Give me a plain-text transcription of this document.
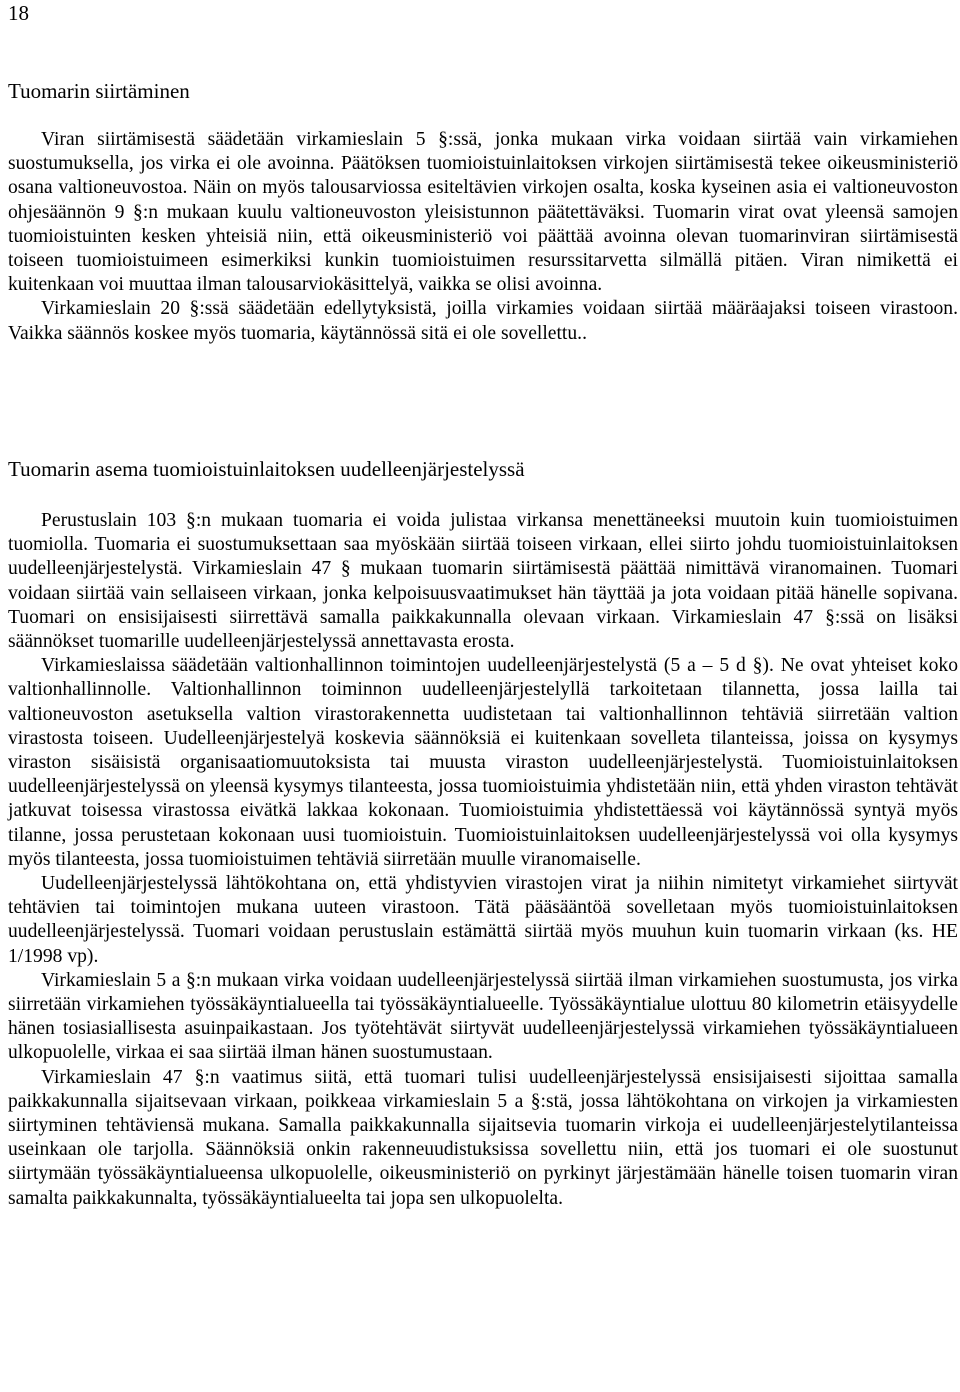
18
Tuomarin siirtäminen

Viran siirtämisestä säädetään virkamieslain 5 §:ssä, jonka mukaan virka voidaan siirtää vain virkamiehen suostumuksella, jos virka ei ole avoinna. Päätöksen tuomioistuinlaitoksen virkojen siirtämisestä tekee oikeusministeriö osana valtioneuvostoa. Näin on myös talousarviossa esiteltävien virkojen osalta, koska kyseinen asia ei valtioneuvoston ohjesäännön 9 §:n mukaan kuulu valtioneuvoston yleisistunnon päätettäväksi. Tuomarin virat ovat yleensä samojen tuomioistuinten kesken yhteisiä niin, että oikeusministeriö voi päättää avoinna olevan tuomarinviran siirtämisestä toiseen tuomioistuimeen esimerkiksi kunkin tuomioistuimen resurssitarvetta silmällä pitäen. Viran nimikettä ei kuitenkaan voi muuttaa ilman talousarviokäsittelyä, vaikka se olisi avoinna.

Virkamieslain 20 §:ssä säädetään edellytyksistä, joilla virkamies voidaan siirtää määräajaksi toiseen virastoon. Vaikka säännös koskee myös tuomaria, käytännössä sitä ei ole sovellettu..

Tuomarin asema tuomioistuinlaitoksen uudelleenjärjestelyssä

Perustuslain 103 §:n mukaan tuomaria ei voida julistaa virkansa menettäneeksi muutoin kuin tuomioistuimen tuomiolla. Tuomaria ei suostumuksettaan saa myöskään siirtää toiseen virkaan, ellei siirto johdu tuomioistuinlaitoksen uudelleenjärjestelystä. Virkamieslain 47 § mukaan tuomarin siirtämisestä päättää nimittävä viranomainen. Tuomari voidaan siirtää vain sellaiseen virkaan, jonka kelpoisuusvaatimukset hän täyttää ja jota voidaan pitää hänelle sopivana. Tuomari on ensisijaisesti siirrettävä samalla paikkakunnalla olevaan virkaan. Virkamieslain 47 §:ssä on lisäksi säännökset tuomarille uudelleenjärjestelyssä annettavasta erosta.

Virkamieslaissa säädetään valtionhallinnon toimintojen uudelleenjärjestelystä (5 a – 5 d §). Ne ovat yhteiset koko valtionhallinnolle. Valtionhallinnon toiminnon uudelleenjärjestelyllä tarkoitetaan tilannetta, jossa lailla tai valtioneuvoston asetuksella valtion virastorakennetta uudistetaan tai valtionhallinnon tehtäviä siirretään valtion virastosta toiseen. Uudelleenjärjestelyä koskevia säännöksiä ei kuitenkaan sovelleta tilanteissa, joissa on kysymys viraston sisäisistä organisaatiomuutoksista tai muusta viraston uudelleenjärjestelystä. Tuomioistuinlaitoksen uudelleenjärjestelyssä on yleensä kysymys tilanteesta, jossa tuomioistuimia yhdistetään niin, että yhden viraston tehtävät jatkuvat toisessa virastossa eivätkä lakkaa kokonaan. Tuomioistuimia yhdistettäessä voi käytännössä syntyä myös tilanne, jossa perustetaan kokonaan uusi tuomioistuin. Tuomioistuinlaitoksen uudelleenjärjestelyssä voi olla kysymys myös tilanteesta, jossa tuomioistuimen tehtäviä siirretään muulle viranomaiselle.

Uudelleenjärjestelyssä lähtökohtana on, että yhdistyvien virastojen virat ja niihin nimitetyt virkamiehet siirtyvät tehtävien tai toimintojen mukana uuteen virastoon. Tätä pääsääntöä sovelletaan myös tuomioistuinlaitoksen uudelleenjärjestelyssä. Tuomari voidaan perustuslain estämättä siirtää myös muuhun kuin tuomarin virkaan (ks. HE 1/1998 vp).

Virkamieslain 5 a §:n mukaan virka voidaan uudelleenjärjestelyssä siirtää ilman virkamiehen suostumusta, jos virka siirretään virkamiehen työssäkäyntialueella tai työssäkäyntialueelle. Työssäkäyntialue ulottuu 80 kilometrin etäisyydelle hänen tosiasiallisesta asuinpaikastaan. Jos työtehtävät siirtyvät uudelleenjärjestelyssä virkamiehen työssäkäyntialueen ulkopuolelle, virkaa ei saa siirtää ilman hänen suostumustaan.

Virkamieslain 47 §:n vaatimus siitä, että tuomari tulisi uudelleenjärjestelyssä ensisijaisesti sijoittaa samalla paikkakunnalla sijaitsevaan virkaan, poikkeaa virkamieslain 5 a §:stä, jossa lähtökohtana on virkojen ja virkamiesten siirtyminen tehtäviensä mukana. Samalla paikkakunnalla sijaitsevia tuomarin virkoja ei uudelleenjärjestelytilanteissa useinkaan ole tarjolla. Säännöksiä onkin rakenneuudistuksissa sovellettu niin, että jos tuomari ei ole suostunut siirtymään työssäkäyntialueensa ulkopuolelle, oikeusministeriö on pyrkinyt järjestämään hänelle toisen tuomarin viran samalta paikkakunnalta, työssäkäyntialueelta tai jopa sen ulkopuolelta.
